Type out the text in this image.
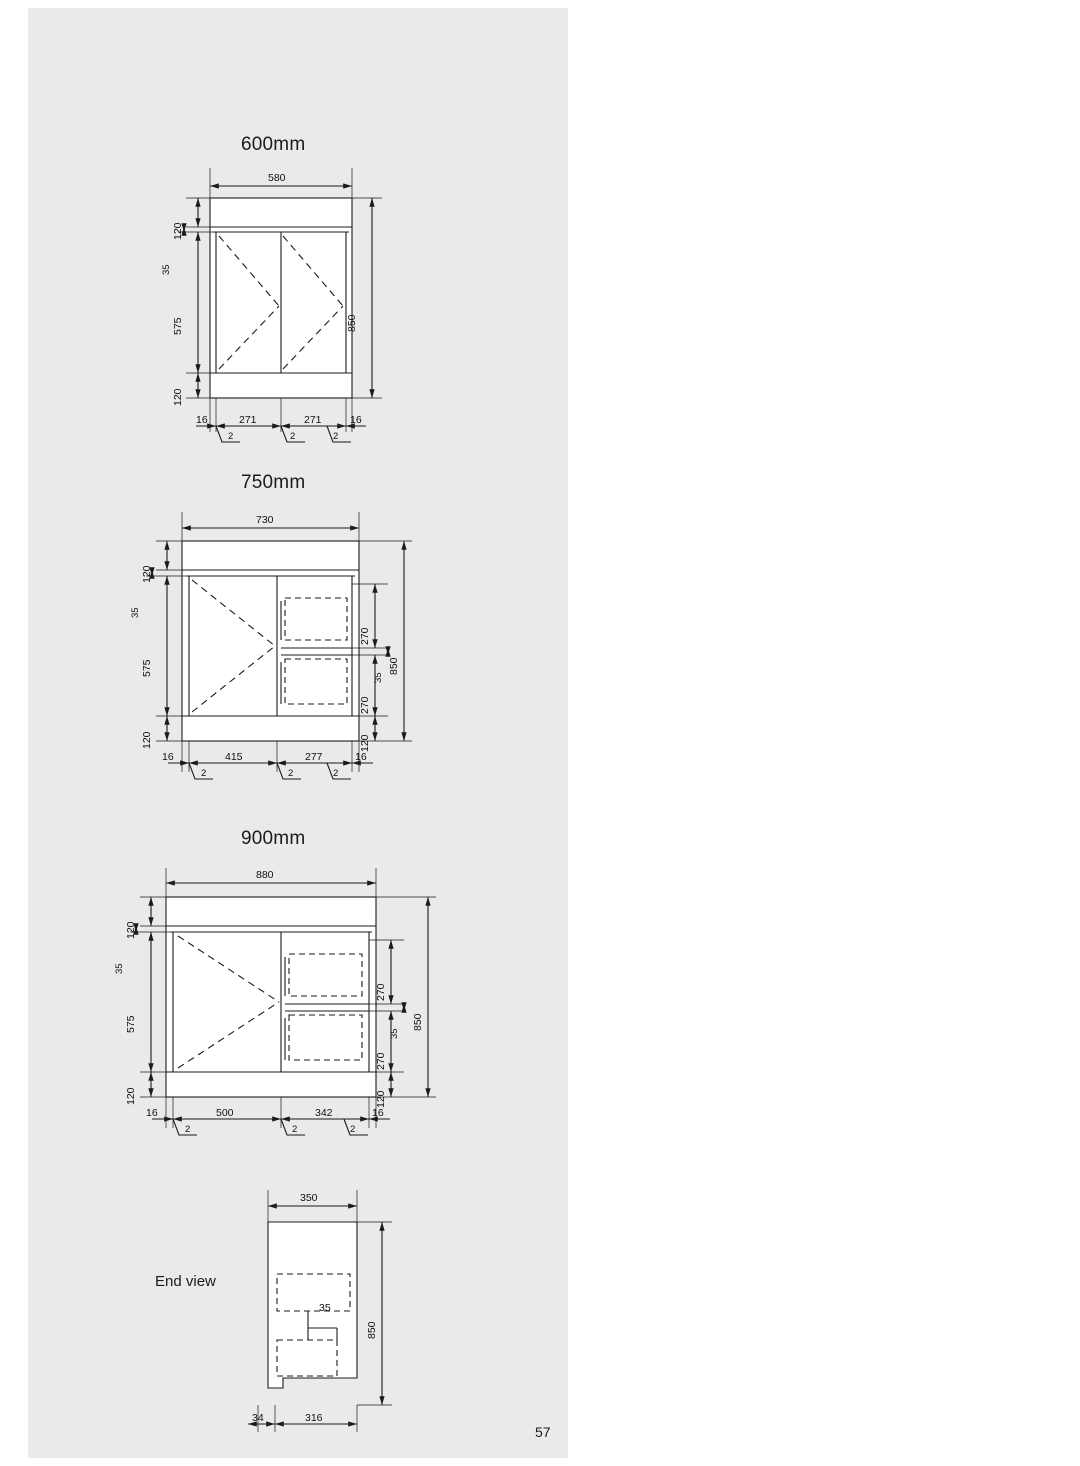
600mm
750mm
900mm
End view
57
580
120
35
575
120
850
16	271	271	16
2	2	2
730
120
35
575
120
270
35
270
120
850
16	415	277	16
2	2	2
880
120
35
575
120
270
35
270
120
850
16	500	342	16
2	2	2
350
850
35
34	316
